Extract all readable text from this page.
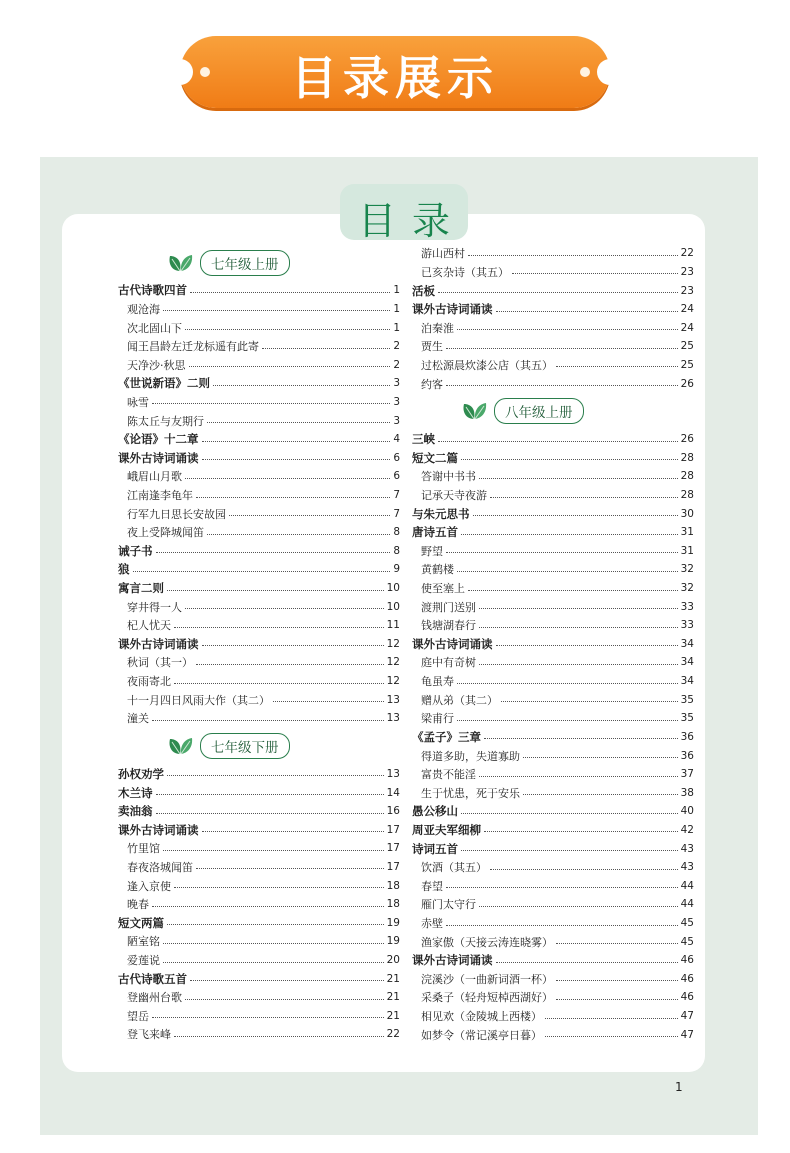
目录展示
目录
七年级上册
古代诗歌四首	1
观沧海	1
次北固山下	1
闻王昌龄左迁龙标遥有此寄	2
天净沙·秋思	2
《世说新语》二则	3
咏雪	3
陈太丘与友期行	3
《论语》十二章	4
课外古诗词诵读	6
峨眉山月歌	6
江南逢李龟年	7
行军九日思长安故园	7
夜上受降城闻笛	8
诫子书	8
狼	9
寓言二则	10
穿井得一人	10
杞人忧天	11
课外古诗词诵读	12
秋词（其一）	12
夜雨寄北	12
十一月四日风雨大作（其二）	13
潼关	13
七年级下册
孙权劝学	13
木兰诗	14
卖油翁	16
课外古诗词诵读	17
竹里馆	17
春夜洛城闻笛	17
逢入京使	18
晚春	18
短文两篇	19
陋室铭	19
爱莲说	20
古代诗歌五首	21
登幽州台歌	21
望岳	21
登飞来峰	22
游山西村	22
已亥杂诗（其五）	23
活板	23
课外古诗词诵读	24
泊秦淮	24
贾生	25
过松源晨炊漆公店（其五）	25
约客	26
八年级上册
三峡	26
短文二篇	28
答谢中书书	28
记承天寺夜游	28
与朱元思书	30
唐诗五首	31
野望	31
黄鹤楼	32
使至塞上	32
渡荆门送别	33
钱塘湖春行	33
课外古诗词诵读	34
庭中有奇树	34
龟虽寿	34
赠从弟（其二）	35
梁甫行	35
《孟子》三章	36
得道多助，失道寡助	36
富贵不能淫	37
生于忧患，死于安乐	38
愚公移山	40
周亚夫军细柳	42
诗词五首	43
饮酒（其五）	43
春望	44
雁门太守行	44
赤壁	45
渔家傲（天接云涛连晓雾）	45
课外古诗词诵读	46
浣溪沙（一曲新词酒一杯）	46
采桑子（轻舟短棹西湖好）	46
相见欢（金陵城上西楼）	47
如梦令（常记溪亭日暮）	47
1
